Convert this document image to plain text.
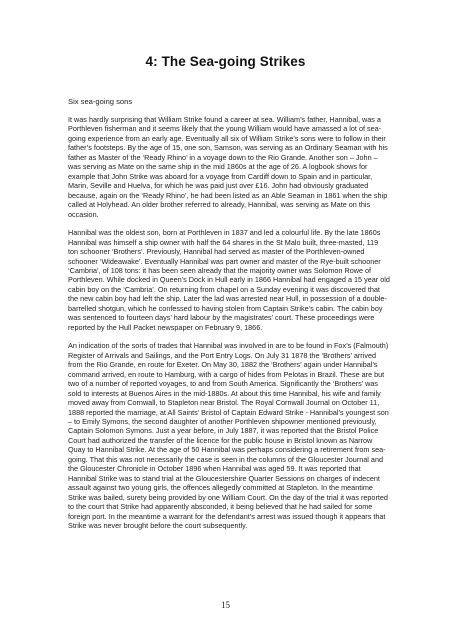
4: The Sea-going Strikes
Six sea-going sons

It was hardly surprising that William Strike found a career at sea. William’s father, Hannibal, was a Porthleven fisherman and it seems likely that the young William would have amassed a lot of sea-going experience from an early age. Eventually all six of William Strike’s sons were to follow in their father’s footsteps. By the age of 15, one son, Samson, was serving as an Ordinary Seaman with his father as Master of the ‘Ready Rhino’ in a voyage down to the Rio Grande. Another son – John – was serving as Mate on the same ship in the mid 1860s at the age of 26. A logbook shows for example that John Strike was aboard for a voyage from Cardiff down to Spain and in particular, Marin, Seville and Huelva, for which he was paid just over £16. John had obviously graduated because, again on the ‘Ready Rhino’, he had been listed as an Able Seaman in 1861 when the ship called at Holyhead. An older brother referred to already, Hannibal, was serving as Mate on this occasion.

Hannibal was the oldest son, born at Porthleven in 1837 and led a colourful life. By the late 1860s Hannibal was himself a ship owner with half the 64 shares in the St Malo built, three-masted, 119 ton schooner ‘Brothers’. Previously, Hannibal had served as master of the Porthleven-owned schooner ‘Wideawake’. Eventually Hannibal was part owner and master of the Rye-built schooner ‘Cambria’, of 108 tons: it has been seen already that the majority owner was Solomon Rowe of Porthleven. While docked in Queen’s Dock in Hull early in 1866 Hannibal had engaged a 15 year old cabin boy on the ‘Cambria’. On returning from chapel on a Sunday evening it was discovered that the new cabin boy had left the ship. Later the lad was arrested near Hull, in possession of a double-barrelled shotgun, which he confessed to having stolen from Captain Strike’s cabin. The cabin boy was sentenced to fourteen days’ hard labour by the magistrates’ court. These proceedings were reported by the Hull Packet newspaper on February 9, 1866.

An indication of the sorts of trades that Hannibal was involved in are to be found in Fox’s (Falmouth) Register of Arrivals and Sailings, and the Port Entry Logs. On July 31 1878 the ‘Brothers’ arrived from the Rio Grande, en route for Exeter. On May 30, 1882 the ‘Brothers’ again under Hannibal’s command arrived, en route to Hamburg, with a cargo of hides from Pelotas in Brazil. These are but two of a number of reported voyages, to and from South America. Significantly the ‘Brothers’ was sold to interests at Buenos Aires in the mid-1880s. At about this time Hannibal, his wife and family moved away from Cornwall, to Stapleton near Bristol. The Royal Cornwall Journal on October 11, 1888 reported the marriage, at All Saints’ Bristol of Captain Edward Strike - Hannibal’s youngest son – to Emily Symons, the second daughter of another Porthleven shipowner mentioned previously, Captain Solomon Symons. Just a year before, in July 1887, it was reported that the Bristol Police Court had authorized the transfer of the licence for the public house in Bristol known as Narrow Quay to Hannibal Strike. At the age of 50 Hannibal was perhaps considering a retirement from sea-going. That this was not necessarily the case is seen in the columns of the Gloucester Journal and the Gloucester Chronicle in October 1896 when Hannibal was aged 59. It was reported that Hannibal Strike was to stand trial at the Gloucestershire Quarter Sessions on charges of indecent assault against two young girls, the offences allegedly committed at Stapleton. In the meantime Strike was bailed, surety being provided by one William Court. On the day of the trial it was reported to the court that Strike had apparently absconded, it being believed that he had sailed for some foreign port. In the meantime a warrant for the defendant’s arrest was issued though it appears that Strike was never brought before the court subsequently.

15
